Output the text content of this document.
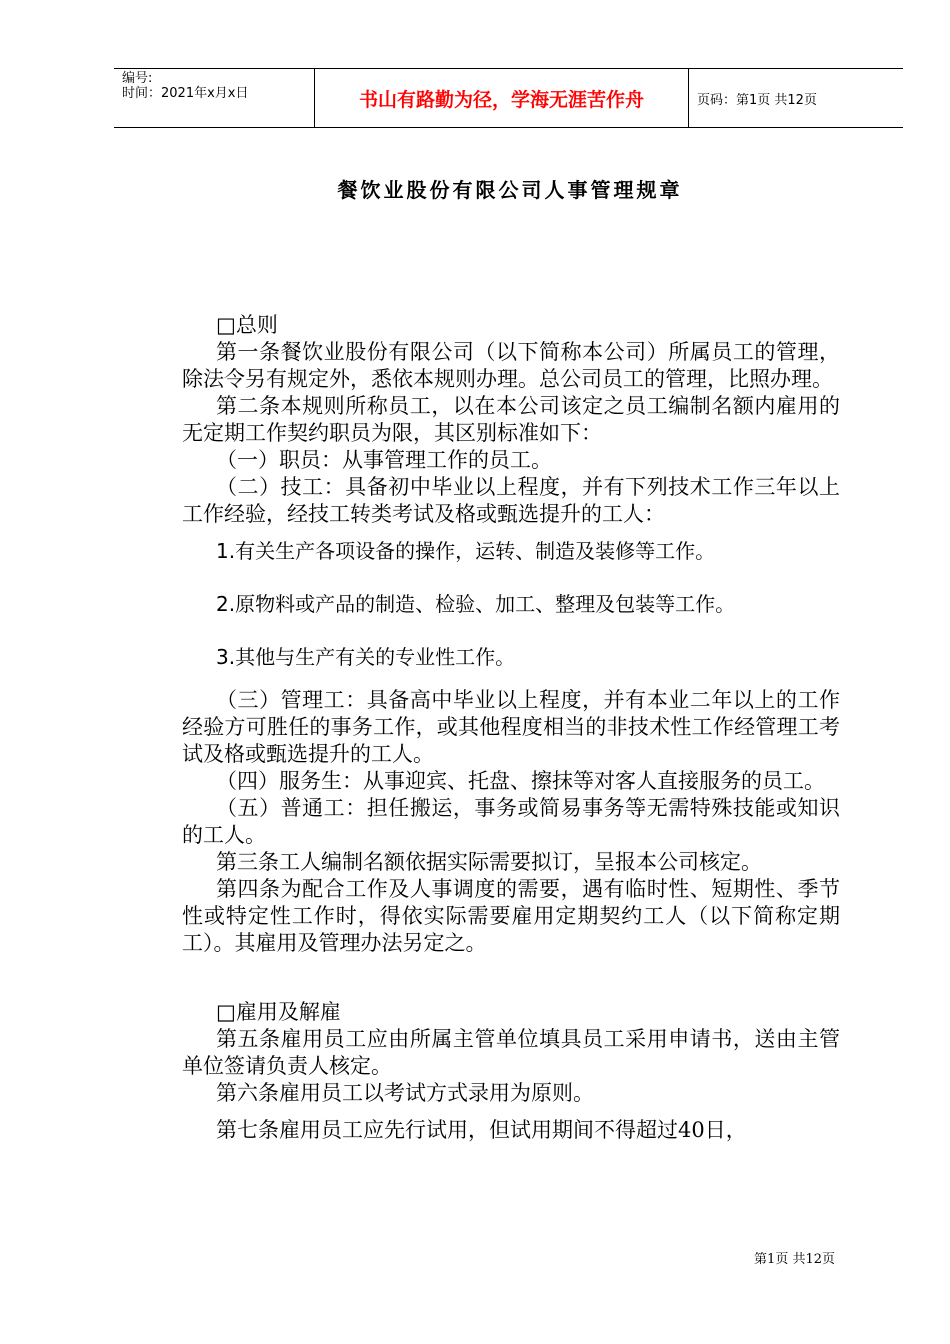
编号:
时间：2021年x月x日	书山有路勤为径，学海无涯苦作舟	页码：第1页 共12页
餐饮业股份有限公司人事管理规章

□总则

第一条餐饮业股份有限公司（以下简称本公司）所属员工的管理，除法令另有规定外，悉依本规则办理。总公司员工的管理，比照办理。

第二条本规则所称员工，以在本公司该定之员工编制名额内雇用的无定期工作契约职员为限，其区别标准如下：

（一）职员：从事管理工作的员工。

（二）技工：具备初中毕业以上程度，并有下列技术工作三年以上工作经验，经技工转类考试及格或甄选提升的工人：

1.有关生产各项设备的操作，运转、制造及装修等工作。

2.原物料或产品的制造、检验、加工、整理及包装等工作。

3.其他与生产有关的专业性工作。

（三）管理工：具备高中毕业以上程度，并有本业二年以上的工作经验方可胜任的事务工作，或其他程度相当的非技术性工作经管理工考试及格或甄选提升的工人。

（四）服务生：从事迎宾、托盘、擦抹等对客人直接服务的员工。

（五）普通工：担任搬运，事务或简易事务等无需特殊技能或知识的工人。

第三条工人编制名额依据实际需要拟订，呈报本公司核定。

第四条为配合工作及人事调度的需要，遇有临时性、短期性、季节性或特定性工作时，得依实际需要雇用定期契约工人（以下简称定期工）。其雇用及管理办法另定之。

□雇用及解雇

第五条雇用员工应由所属主管单位填具员工采用申请书，送由主管单位签请负责人核定。

第六条雇用员工以考试方式录用为原则。

第七条雇用员工应先行试用，但试用期间不得超过40日，

第1页 共12页
